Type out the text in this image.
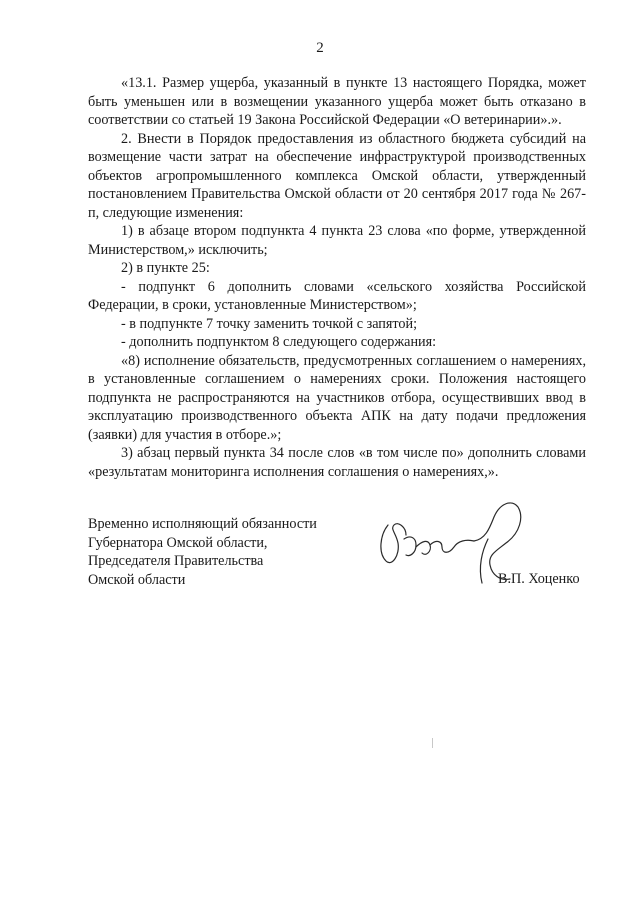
2

«13.1. Размер ущерба, указанный в пункте 13 настоящего Порядка, может быть уменьшен или в возмещении указанного ущерба может быть отказано в соответствии со статьей 19 Закона Российской Федерации «О ветеринарии».».

2. Внести в Порядок предоставления из областного бюджета субсидий на возмещение части затрат на обеспечение инфраструктурой производственных объектов агропромышленного комплекса Омской области, утвержденный постановлением Правительства Омской области от 20 сентября 2017 года № 267-п, следующие изменения:

1) в абзаце втором подпункта 4 пункта 23 слова «по форме, утвержденной Министерством,» исключить;

2) в пункте 25:

- подпункт 6 дополнить словами «сельского хозяйства Российской Федерации, в сроки, установленные Министерством»;

- в подпункте 7 точку заменить точкой с запятой;

- дополнить подпунктом 8 следующего содержания:

«8) исполнение обязательств, предусмотренных соглашением о намерениях, в установленные соглашением о намерениях сроки. Положения настоящего подпункта не распространяются на участников отбора, осуществивших ввод в эксплуатацию производственного объекта АПК на дату подачи предложения (заявки) для участия в отборе.»;

3) абзац первый пункта 34 после слов «в том числе по» дополнить словами «результатам мониторинга исполнения соглашения о намерениях,».

Временно исполняющий обязанности
Губернатора Омской области,
Председателя Правительства
Омской области	В.П. Хоценко
